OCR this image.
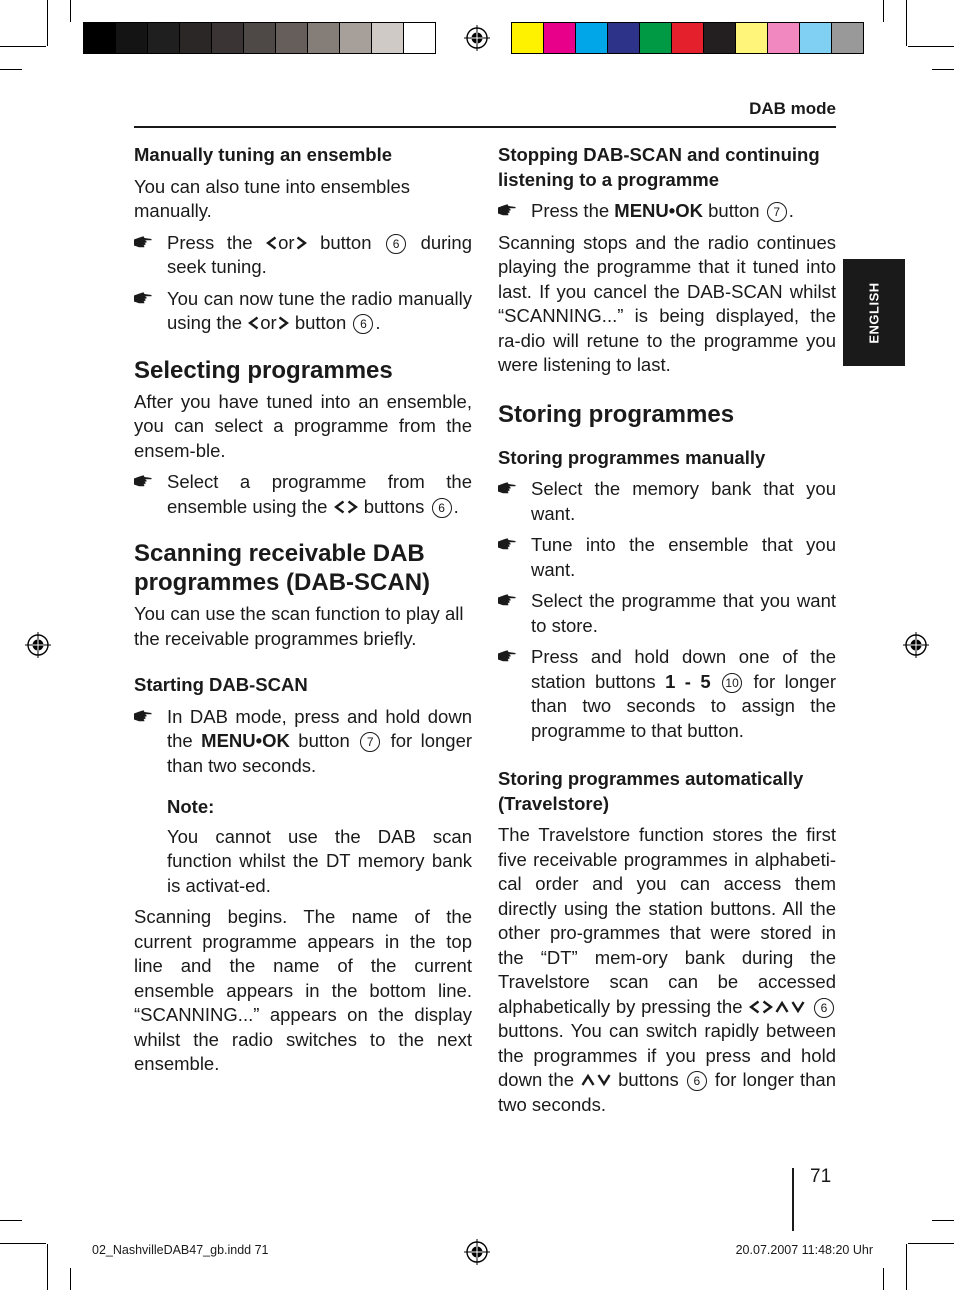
DAB mode
ENGLISH

Manually tuning an ensemble

You can also tune into ensembles manually.

Press the or button 6 during seek tuning.
You can now tune the radio manually using the or button 6 .

Selecting programmes

After you have tuned into an ensemble, you can select a programme from the ensem-ble.

Select a programme from the ensemble using the buttons 6 .

Scanning receivable DAB
programmes (DAB-SCAN)

You can use the scan function to play all the receivable programmes briefly.

Starting DAB-SCAN

In DAB mode, press and hold down the MENU•OK button 7 for longer than two seconds.

Note:

You cannot use the DAB scan function whilst the DT memory bank is activat-ed.

Scanning begins. The name of the current programme appears in the top line and the name of the current ensemble appears in the bottom line. “SCANNING...” appears on the display whilst the radio switches to the next ensemble.

Stopping DAB-SCAN and continuing
listening to a programme

Press the MENU•OK button 7 .

Scanning stops and the radio continues playing the programme that it tuned into last. If you cancel the DAB-SCAN whilst “SCANNING...” is being displayed, the ra-dio will retune to the programme you were listening to last.

Storing programmes

Storing programmes manually

Select the memory bank that you want.
Tune into the ensemble that you want.
Select the programme that you want to store.
Press and hold down one of the station buttons 1 - 5 10 for longer than two seconds to assign the programme to that button.

Storing programmes automatically
(Travelstore)

The Travelstore function stores the first five receivable programmes in alphabeti-cal order and you can access them directly using the station buttons. All the other pro-grammes that were stored in the “DT” mem-ory bank during the Travelstore scan can be accessed alphabetically by pressing the	6 buttons. You can switch rapidly between the programmes if you press and hold down the buttons 6 for longer than two seconds.

71
02_NashvilleDAB47_gb.indd 71	20.07.2007 11:48:20 Uhr
